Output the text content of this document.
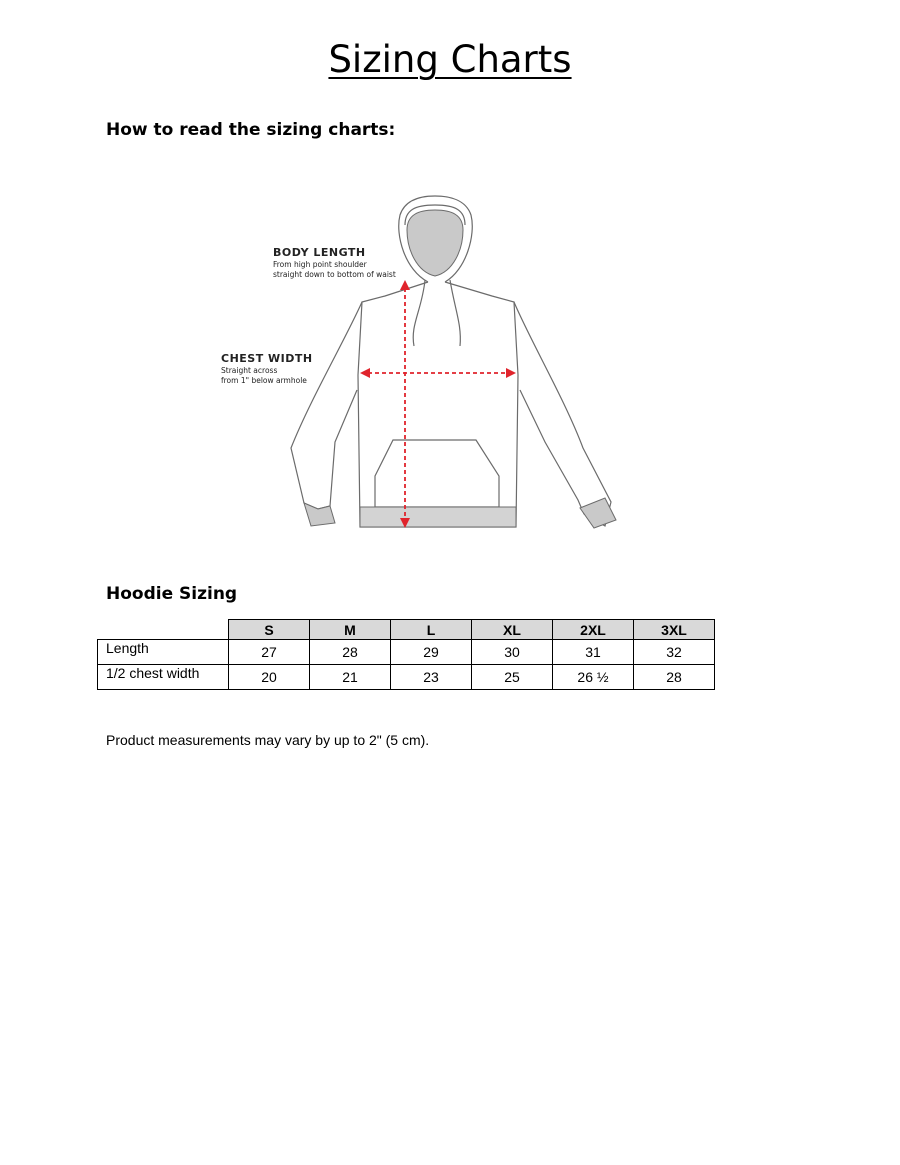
Sizing Charts
How to read the sizing charts:
BODY LENGTH
From high point shoulder
straight down to bottom of waist
CHEST WIDTH
Straight across
from 1" below armhole
Hoodie Sizing
	S	M	L	XL	2XL	3XL
Length	27	28	29	30	31	32
1/2 chest width	20	21	23	25	26 ½	28
Product measurements may vary by up to 2" (5 cm).
